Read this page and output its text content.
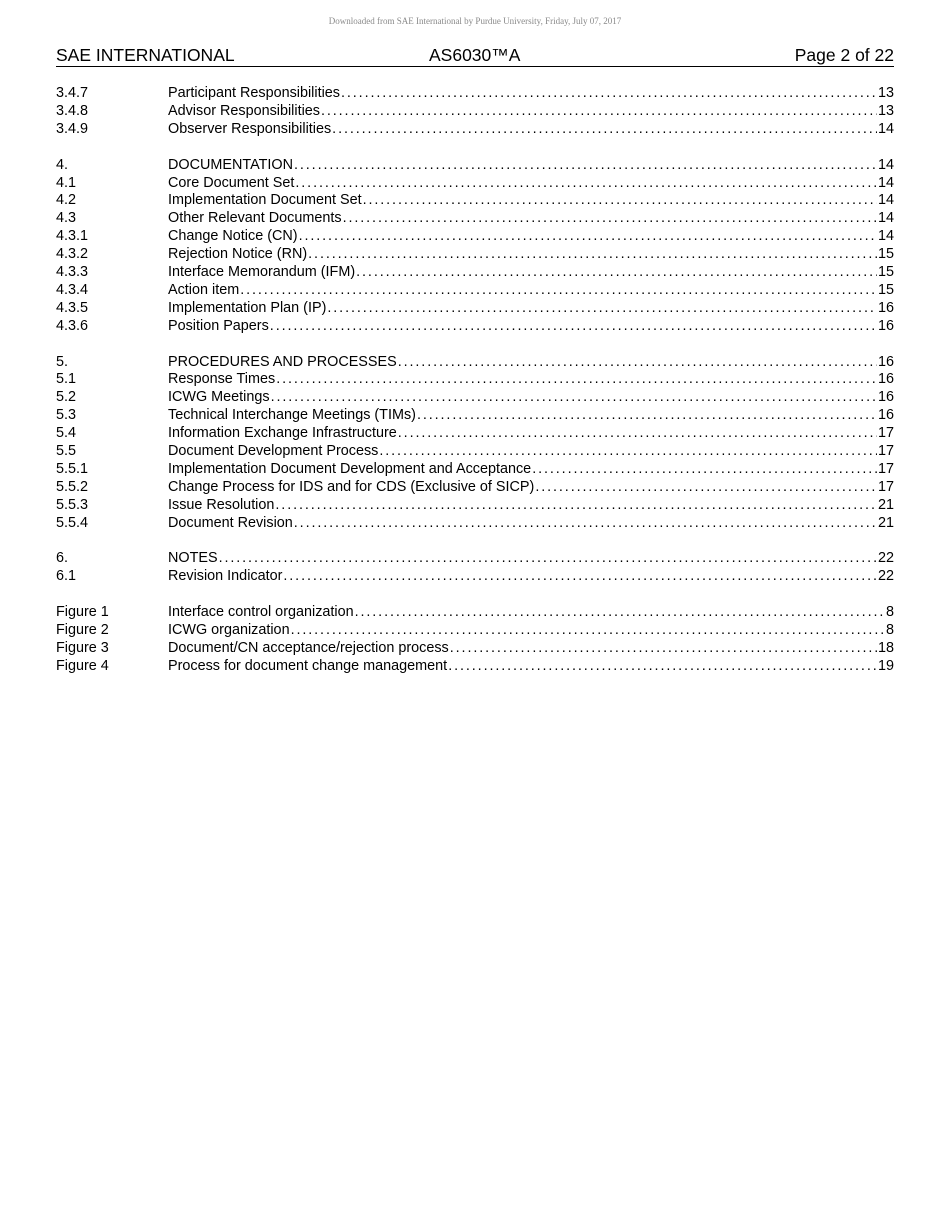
Downloaded from SAE International by Purdue University, Friday, July 07, 2017
SAE INTERNATIONAL	AS6030™A	Page 2 of 22
3.4.7	Participant Responsibilities . . .	13
3.4.8	Advisor Responsibilities . . .	13
3.4.9	Observer Responsibilities . . .	14
4.	DOCUMENTATION . . .	14
4.1	Core Document Set . . .	14
4.2	Implementation Document Set . . .	14
4.3	Other Relevant Documents . . .	14
4.3.1	Change Notice (CN) . . .	14
4.3.2	Rejection Notice (RN) . . .	15
4.3.3	Interface Memorandum (IFM) . . .	15
4.3.4	Action item . . .	15
4.3.5	Implementation Plan (IP) . . .	16
4.3.6	Position Papers . . .	16
5.	PROCEDURES AND PROCESSES . . .	16
5.1	Response Times . . .	16
5.2	ICWG Meetings . . .	16
5.3	Technical Interchange Meetings (TIMs) . . .	16
5.4	Information Exchange Infrastructure . . .	17
5.5	Document Development Process . . .	17
5.5.1	Implementation Document Development and Acceptance . . .	17
5.5.2	Change Process for IDS and for CDS (Exclusive of SICP) . . .	17
5.5.3	Issue Resolution . . .	21
5.5.4	Document Revision . . .	21
6.	NOTES . . .	22
6.1	Revision Indicator . . .	22
Figure 1	Interface control organization . . .	8
Figure 2	ICWG organization . . .	8
Figure 3	Document/CN acceptance/rejection process . . .	18
Figure 4	Process for document change management . . .	19
